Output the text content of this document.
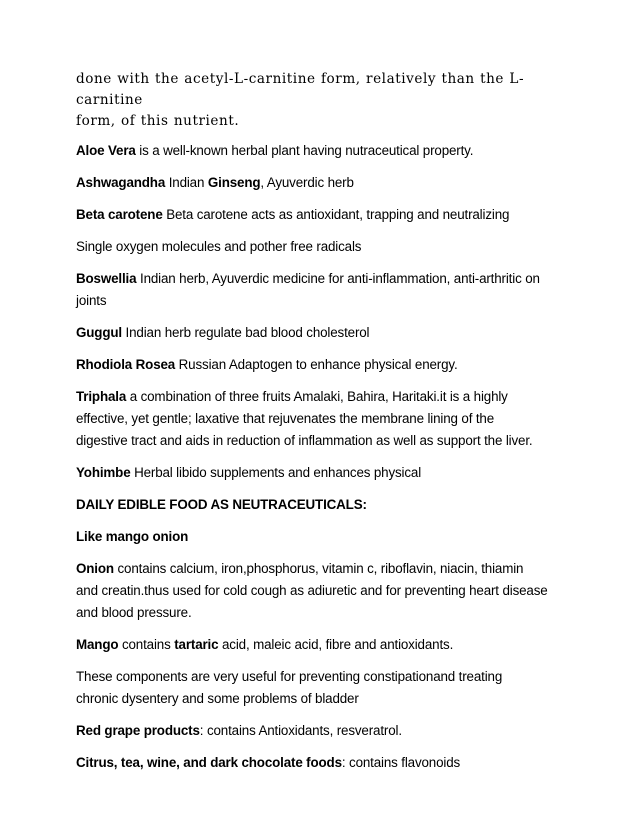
done with the acetyl-L-carnitine form, relatively than the L-carnitine
form, of this nutrient.

Aloe Vera is a well-known herbal plant having nutraceutical property.

Ashwagandha Indian Ginseng, Ayuverdic herb

Beta carotene Beta carotene acts as antioxidant, trapping and neutralizing

Single oxygen molecules and pother free radicals

Boswellia Indian herb, Ayuverdic medicine for anti-inflammation, anti-arthritic on
joints

Guggul Indian herb regulate bad blood cholesterol

Rhodiola Rosea Russian Adaptogen to enhance physical energy.

Triphala a combination of three fruits Amalaki, Bahira, Haritaki.it is a highly
effective, yet gentle; laxative that rejuvenates the membrane lining of the
digestive tract and aids in reduction of inflammation as well as support the liver.

Yohimbe Herbal libido supplements and enhances physical

DAILY EDIBLE FOOD AS NEUTRACEUTICALS:

Like mango onion

Onion contains calcium, iron,phosphorus, vitamin c, riboflavin, niacin, thiamin
and creatin.thus used for cold cough as adiuretic and for preventing heart disease
and blood pressure.

Mango contains tartaric acid, maleic acid, fibre and antioxidants.

These components are very useful for preventing constipationand treating
chronic dysentery and some problems of bladder

Red grape products: contains Antioxidants, resveratrol.

Citrus, tea, wine, and dark chocolate foods: contains flavonoids
